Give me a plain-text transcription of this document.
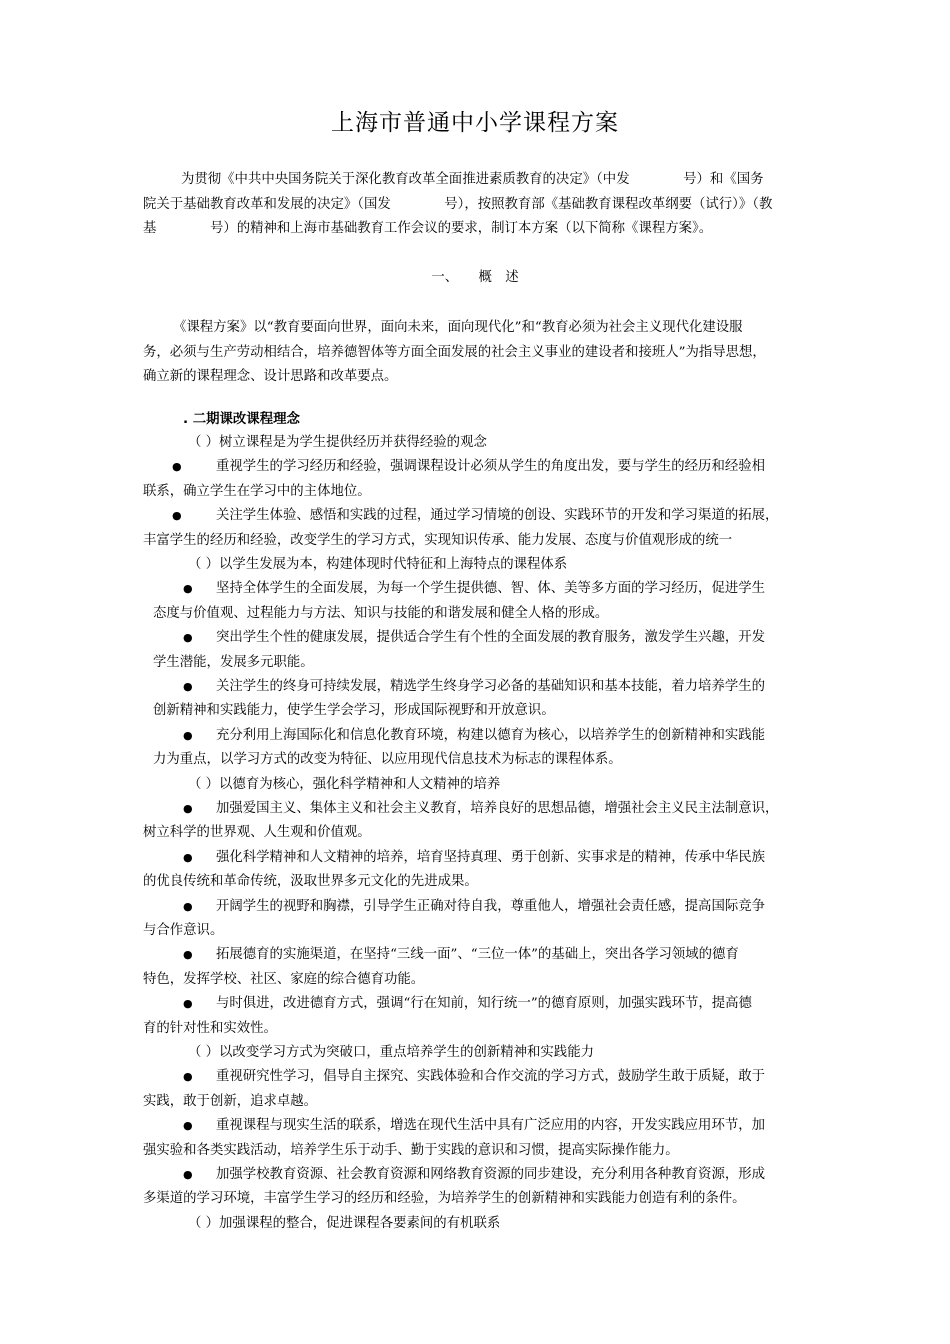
上海市普通中小学课程方案
为贯彻《中共中央国务院关于深化教育改革全面推进素质教育的决定》（中发　　　　号）和《国务
院关于基础教育改革和发展的决定》（国发　　　　号），按照教育部《基础教育课程改革纲要（试行）》（教
基　　　　号）的精神和上海市基础教育工作会议的要求，制订本方案（以下简称《课程方案》。
一、 概　述
《课程方案》以“教育要面向世界，面向未来，面向现代化”和“教育必须为社会主义现代化建设服
务，必须与生产劳动相结合，培养德智体等方面全面发展的社会主义事业的建设者和接班人”为指导思想，
确立新的课程理念、设计思路和改革要点。
. 二期课改课程理念
（ ）树立课程是为学生提供经历并获得经验的观念
●	重视学生的学习经历和经验，强调课程设计必须从学生的角度出发，要与学生的经历和经验相
联系，确立学生在学习中的主体地位。
●	关注学生体验、感悟和实践的过程，通过学习情境的创设、实践环节的开发和学习渠道的拓展，
丰富学生的经历和经验，改变学生的学习方式，实现知识传承、能力发展、态度与价值观形成的统一
（ ）以学生发展为本，构建体现时代特征和上海特点的课程体系
● 坚持全体学生的全面发展，为每一个学生提供德、智、体、美等多方面的学习经历，促进学生
态度与价值观、过程能力与方法、知识与技能的和谐发展和健全人格的形成。
● 突出学生个性的健康发展，提供适合学生有个性的全面发展的教育服务，激发学生兴趣，开发
学生潜能，发展多元职能。
● 关注学生的终身可持续发展，精选学生终身学习必备的基础知识和基本技能，着力培养学生的
创新精神和实践能力，使学生学会学习，形成国际视野和开放意识。
● 充分利用上海国际化和信息化教育环境，构建以德育为核心，以培养学生的创新精神和实践能
力为重点，以学习方式的改变为特征、以应用现代信息技术为标志的课程体系。
（ ）以德育为核心，强化科学精神和人文精神的培养
● 加强爱国主义、集体主义和社会主义教育，培养良好的思想品德，增强社会主义民主法制意识，
树立科学的世界观、人生观和价值观。
● 强化科学精神和人文精神的培养，培育坚持真理、勇于创新、实事求是的精神，传承中华民族
的优良传统和革命传统，汲取世界多元文化的先进成果。
● 开阔学生的视野和胸襟，引导学生正确对待自我，尊重他人，增强社会责任感，提高国际竞争
与合作意识。
● 拓展德育的实施渠道，在坚持“三线一面”、“三位一体”的基础上，突出各学习领域的德育
特色，发挥学校、社区、家庭的综合德育功能。
● 与时俱进，改进德育方式，强调“行在知前，知行统一”的德育原则，加强实践环节，提高德
育的针对性和实效性。
（ ）以改变学习方式为突破口，重点培养学生的创新精神和实践能力
● 重视研究性学习，倡导自主探究、实践体验和合作交流的学习方式，鼓励学生敢于质疑，敢于
实践，敢于创新，追求卓越。
● 重视课程与现实生活的联系，增选在现代生活中具有广泛应用的内容，开发实践应用环节，加
强实验和各类实践活动，培养学生乐于动手、勤于实践的意识和习惯，提高实际操作能力。
● 加强学校教育资源、社会教育资源和网络教育资源的同步建设，充分利用各种教育资源，形成
多渠道的学习环境，丰富学生学习的经历和经验，为培养学生的创新精神和实践能力创造有利的条件。
（ ）加强课程的整合，促进课程各要素间的有机联系
